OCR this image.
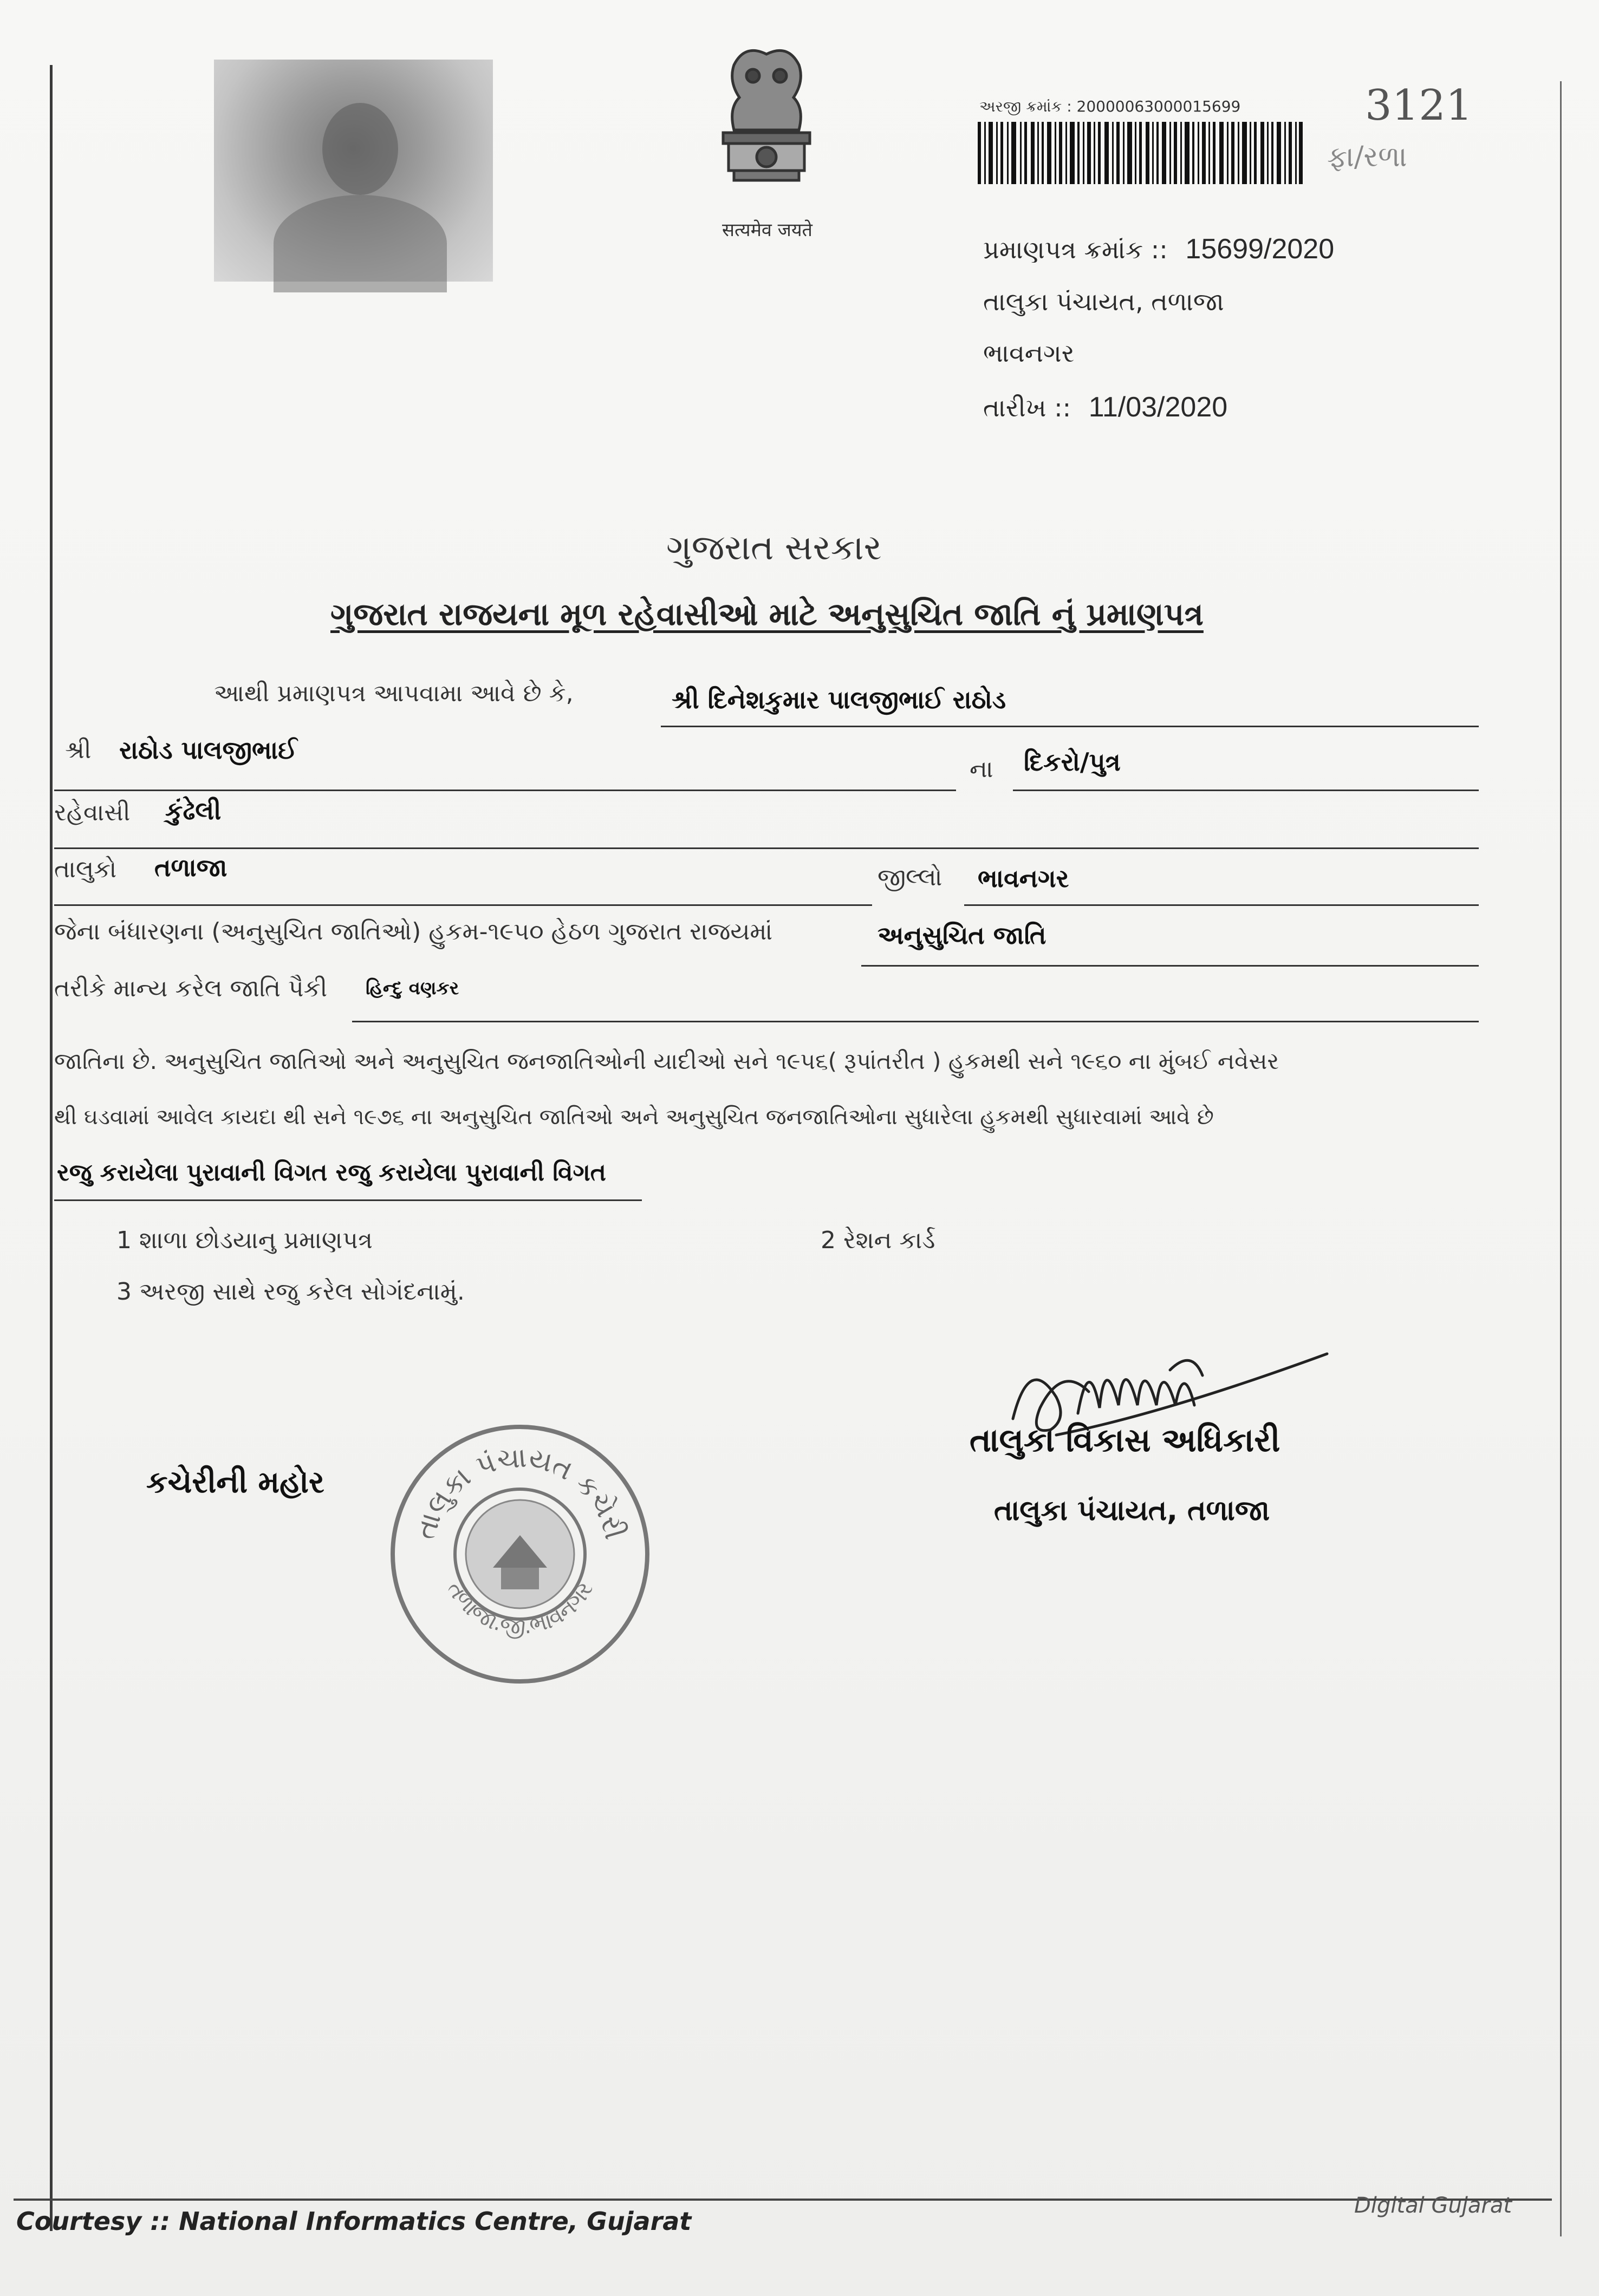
सत्यमेव जयते
અરજી ક્રમાંક : 20000063000015699	3121
ફા/રળા
પ્રમાણપત્ર ક્રમાંક :: 15699/2020
તાલુકા પંચાયત, તળાજા
ભાવનગર
તારીખ :: 11/03/2020
ગુજરાત સરકાર
ગુજરાત રાજયના મૂળ રહેવાસીઓ માટે અનુસુચિત જાતિ નું પ્રમાણપત્ર
આથી પ્રમાણપત્ર આપવામા આવે છે કે,	શ્રી દિનેશકુમાર પાલજીભાઈ રાઠોડ
શ્રી રાઠોડ પાલજીભાઈ
ના દિકરો/પુત્ર
રહેવાસી કુંઢેલી
તાલુકો તળાજા	જીલ્લો ભાવનગર
જેના બંધારણના (અનુસુચિત જાતિઓ) હુકમ-૧૯૫૦ હેઠળ ગુજરાત રાજયમાં	અનુસુચિત જાતિ
તરીકે માન્ય કરેલ જાતિ પૈકી હિન્દુ વણકર
જાતિના છે. અનુસુચિત જાતિઓ અને અનુસુચિત જનજાતિઓની યાદીઓ સને ૧૯૫૬( રૂપાંતરીત ) હુકમથી સને ૧૯૬૦ ના મુંબઈ નવેસર
થી ઘડવામાં આવેલ કાયદા થી સને ૧૯૭૬ ના અનુસુચિત જાતિઓ અને અનુસુચિત જનજાતિઓના સુધારેલા હુકમથી સુધારવામાં આવે છે
રજુ કરાયેલા પુરાવાની વિગત રજુ કરાયેલા પુરાવાની વિગત
1 શાળા છોડયાનુ પ્રમાણપત્ર	2 રેશન કાર્ડ
3 અરજી સાથે રજુ કરેલ સોગંદનામું.
કચેરીની મહોર
તાલુકા પંચાયત કચેરી
તળાજા.જી.ભાવનગર
તાલુકા વિકાસ અધિકારી
તાલુકા પંચાયત, તળાજા
Courtesy :: National Informatics Centre, Gujarat
Digital Gujarat
